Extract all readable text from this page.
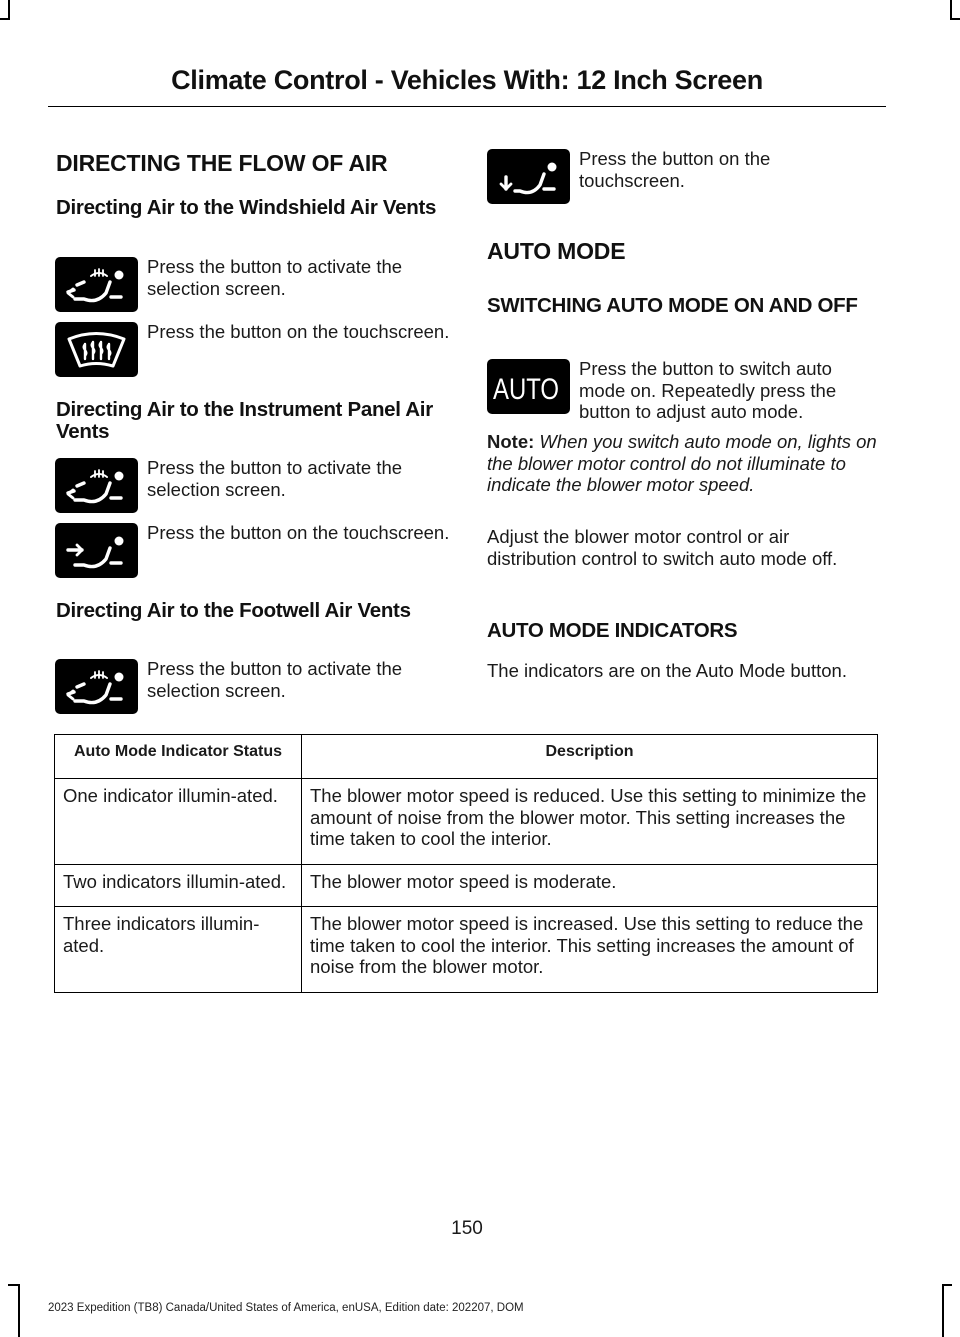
Climate Control - Vehicles With: 12 Inch Screen
DIRECTING THE FLOW OF AIR
Directing Air to the Windshield Air Vents

Press the button to activate the selection screen.

Press the button on the touchscreen.

Directing Air to the Instrument Panel Air Vents

Press the button to activate the selection screen.

Press the button on the touchscreen.

Directing Air to the Footwell Air Vents

Press the button to activate the selection screen.

Press the button on the touchscreen.

AUTO MODE
SWITCHING AUTO MODE ON AND OFF
AUTO

Press the button to switch auto mode on. Repeatedly press the button to adjust auto mode.

Note: When you switch auto mode on, lights on the blower motor control do not illuminate to indicate the blower motor speed.

Adjust the blower motor control or air distribution control to switch auto mode off.

AUTO MODE INDICATORS

The indicators are on the Auto Mode button.

Auto Mode Indicator Status	Description
One indicator illumin-ated.	The blower motor speed is reduced. Use this setting to minimize the amount of noise from the blower motor. This setting increases the time taken to cool the interior.
Two indicators illumin-ated.	The blower motor speed is moderate.
Three indicators illumin-ated.	The blower motor speed is increased. Use this setting to reduce the time taken to cool the interior. This setting increases the amount of noise from the blower motor.
150
2023 Expedition (TB8) Canada/United States of America, enUSA, Edition date: 202207, DOM
